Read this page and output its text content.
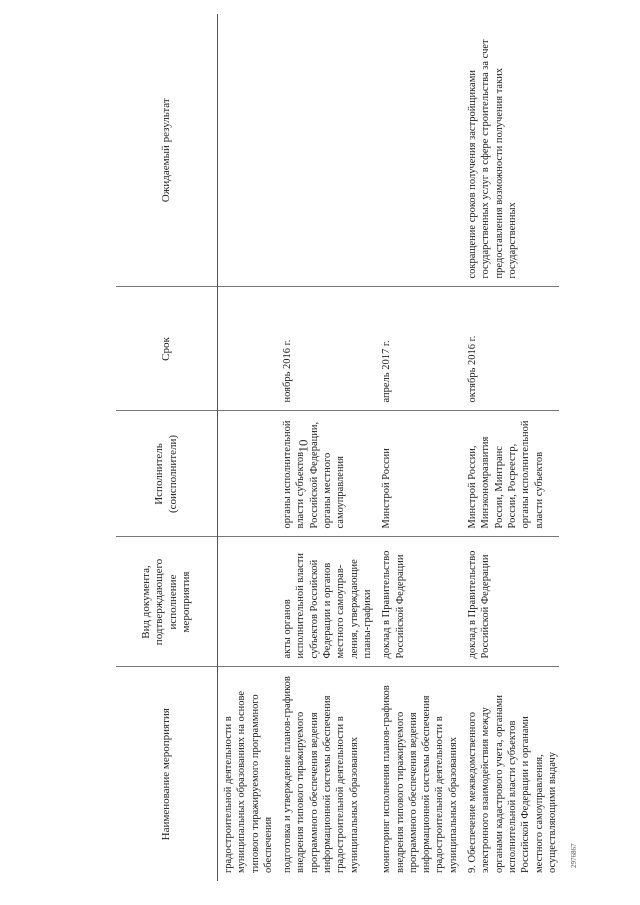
10
2976867
Наименование мероприятия	Вид документа, подтверждающего исполнение мероприятия	Исполнитель (соисполнители)	Срок	Ожидаемый результат
градостроительной деятельности в муниципальных образованиях на основе типового тиражируемого программного обеспечения				
подготовка и утверждение планов-графиков внедрения типового тиражируемого программного обеспечения ведения информационной системы обеспечения градостроительной деятельности в муниципальных образованиях	акты органов исполнительной власти субъектов Российской Федерации и органов местного самоуправ-ления, утверждающие планы-графики	органы исполнительной власти субъектов Российской Федерации, органы местного самоуправления	ноябрь 2016 г.	
мониторинг исполнения планов-графиков внедрения типового тиражируемого программного обеспечения ведения информационной системы обеспечения градостроительной деятельности в муниципальных образованиях	доклад в Правительство Российской Федерации	Минстрой России	апрель 2017 г.	
9. Обеспечение межведомственного электронного взаимодействия между органами кадастрового учета, органами исполнительной власти субъектов Российской Федерации и органами местного самоуправления, осуществляющими выдачу	доклад в Правительство Российской Федерации	Минстрой России, Минэкономразвития России, Минтранс России, Росреестр, органы исполнительной власти субъектов	октябрь 2016 г.	сокращение сроков получения застройщиками государственных услуг в сфере строительства за счет предоставления возможности получения таких государственных
